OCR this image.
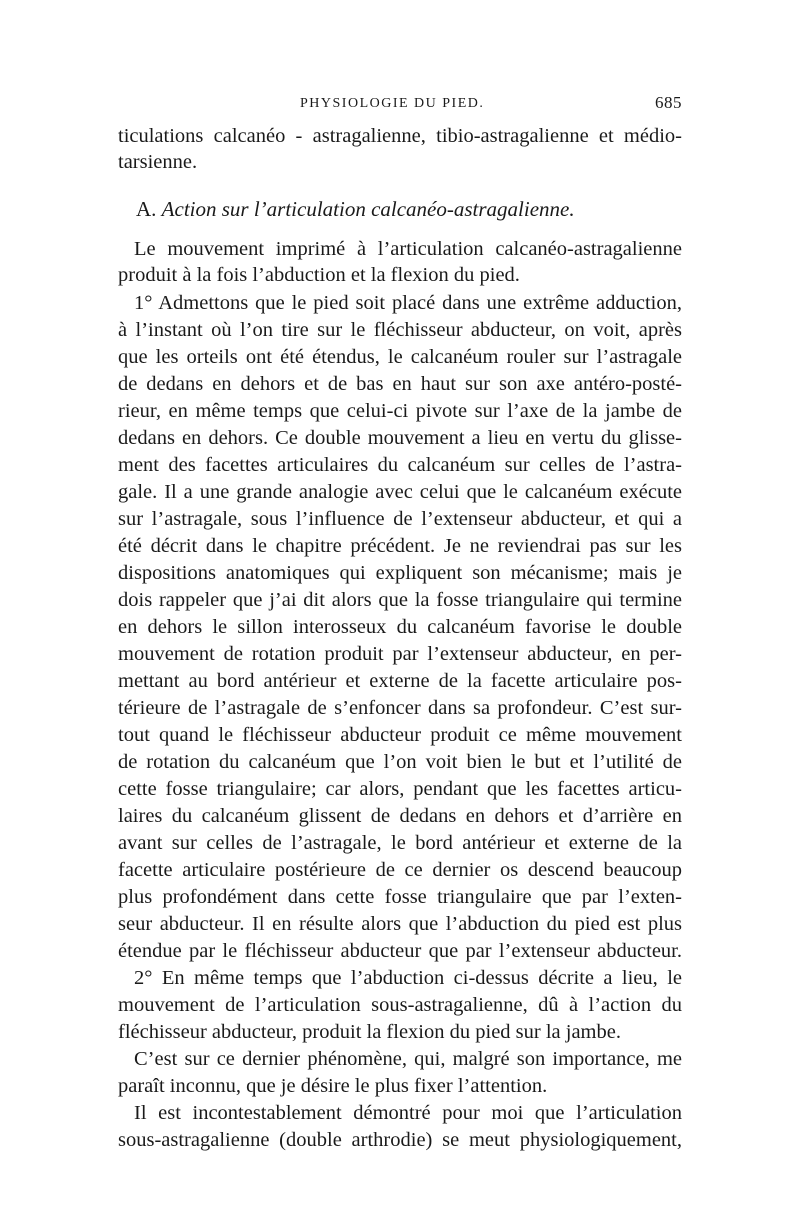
PHYSIOLOGIE DU PIED.	685
ticulations calcanéo - astragalienne, tibio-astragalienne et médio-
tarsienne.
A. Action sur l’articulation calcanéo-astragalienne.
Le mouvement imprimé à l’articulation calcanéo-astragalienne
produit à la fois l’abduction et la flexion du pied.
1° Admettons que le pied soit placé dans une extrême adduction,
à l’instant où l’on tire sur le fléchisseur abducteur, on voit, après
que les orteils ont été étendus, le calcanéum rouler sur l’astragale
de dedans en dehors et de bas en haut sur son axe antéro-posté-
rieur, en même temps que celui-ci pivote sur l’axe de la jambe de
dedans en dehors. Ce double mouvement a lieu en vertu du glisse-
ment des facettes articulaires du calcanéum sur celles de l’astra-
gale. Il a une grande analogie avec celui que le calcanéum exécute
sur l’astragale, sous l’influence de l’extenseur abducteur, et qui a
été décrit dans le chapitre précédent. Je ne reviendrai pas sur les
dispositions anatomiques qui expliquent son mécanisme; mais je
dois rappeler que j’ai dit alors que la fosse triangulaire qui termine
en dehors le sillon interosseux du calcanéum favorise le double
mouvement de rotation produit par l’extenseur abducteur, en per-
mettant au bord antérieur et externe de la facette articulaire pos-
térieure de l’astragale de s’enfoncer dans sa profondeur. C’est sur-
tout quand le fléchisseur abducteur produit ce même mouvement
de rotation du calcanéum que l’on voit bien le but et l’utilité de
cette fosse triangulaire; car alors, pendant que les facettes articu-
laires du calcanéum glissent de dedans en dehors et d’arrière en
avant sur celles de l’astragale, le bord antérieur et externe de la
facette articulaire postérieure de ce dernier os descend beaucoup
plus profondément dans cette fosse triangulaire que par l’exten-
seur abducteur. Il en résulte alors que l’abduction du pied est plus
étendue par le fléchisseur abducteur que par l’extenseur abducteur.
2° En même temps que l’abduction ci-dessus décrite a lieu, le
mouvement de l’articulation sous-astragalienne, dû à l’action du
fléchisseur abducteur, produit la flexion du pied sur la jambe.
C’est sur ce dernier phénomène, qui, malgré son importance, me
paraît inconnu, que je désire le plus fixer l’attention.
Il est incontestablement démontré pour moi que l’articulation
sous-astragalienne (double arthrodie) se meut physiologiquement,
